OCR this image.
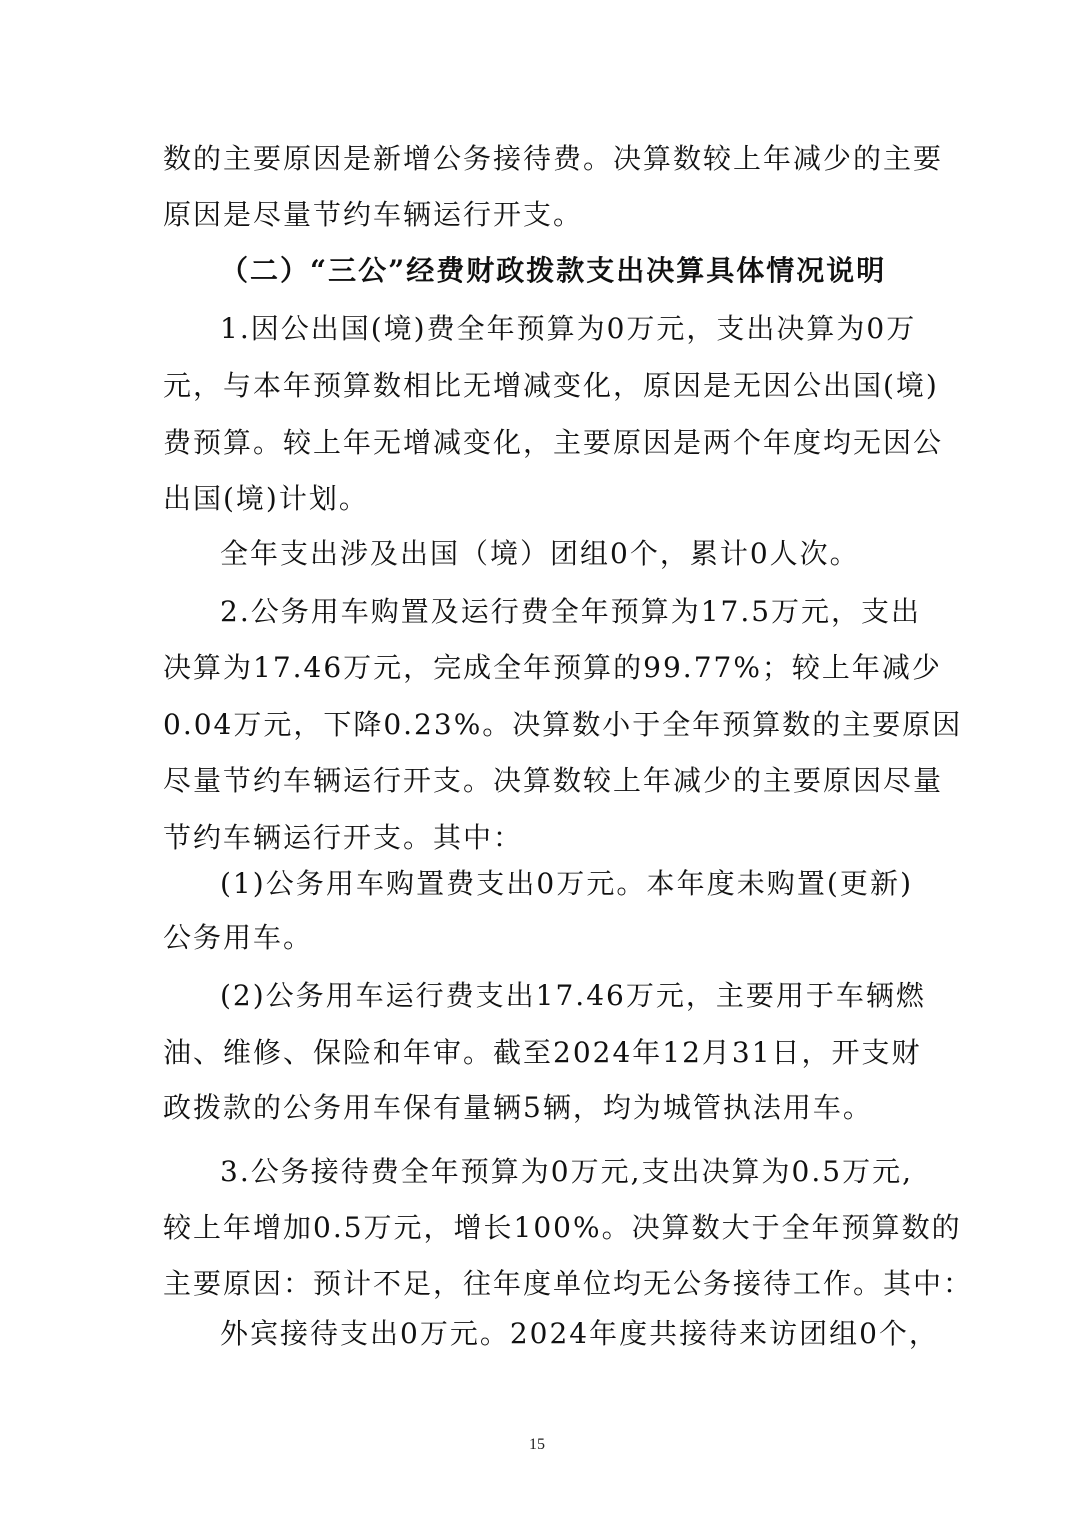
数的主要原因是新增公务接待费。决算数较上年减少的主要
原因是尽量节约车辆运行开支。
（二）“三公”经费财政拨款支出决算具体情况说明
1.因公出国(境)费全年预算为0万元，支出决算为0万
元，与本年预算数相比无增减变化，原因是无因公出国(境)
费预算。较上年无增减变化，主要原因是两个年度均无因公
出国(境)计划。
全年支出涉及出国（境）团组0个，累计0人次。
2.公务用车购置及运行费全年预算为17.5万元，支出
决算为17.46万元，完成全年预算的99.77%；较上年减少
0.04万元，下降0.23%。决算数小于全年预算数的主要原因
尽量节约车辆运行开支。决算数较上年减少的主要原因尽量
节约车辆运行开支。其中：
(1)公务用车购置费支出0万元。本年度未购置(更新)
公务用车。
(2)公务用车运行费支出17.46万元，主要用于车辆燃
油、维修、保险和年审。截至2024年12月31日，开支财
政拨款的公务用车保有量辆5辆，均为城管执法用车。
3.公务接待费全年预算为0万元,支出决算为0.5万元,
较上年增加0.5万元，增长100%。决算数大于全年预算数的
主要原因：预计不足，往年度单位均无公务接待工作。其中：
外宾接待支出0万元。2024年度共接待来访团组0个，
15
